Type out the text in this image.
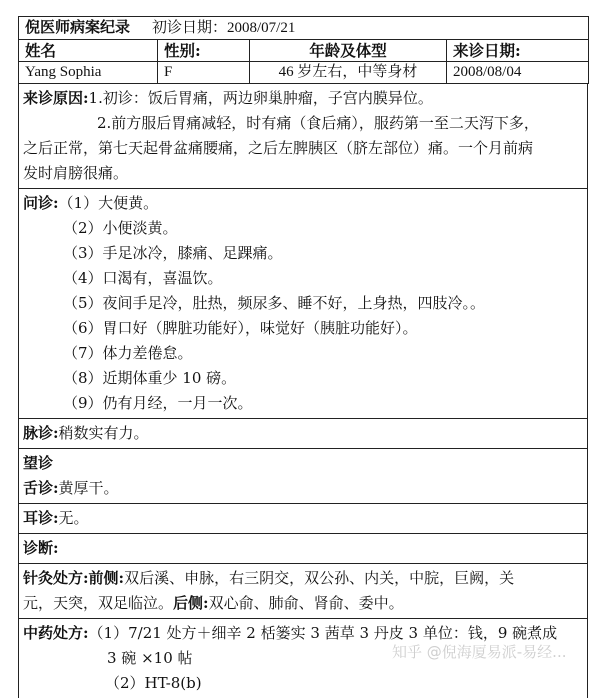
倪医师病案纪录 初诊日期：2008/07/21			
姓名	性别:	年龄及体型	来诊日期:
Yang Sophia	F	46 岁左右，中等身材	2008/08/04
来诊原因:1.初诊：饭后胃痛，两边卵巢肿瘤，子宫内膜异位。
2.前方服后胃痛减轻，时有痛（食后痛），服药第一至二天泻下多，
之后正常，第七天起骨盆痛腰痛，之后左脾胰区（脐左部位）痛。一个月前病
发时肩膀很痛。
问诊:（1）大便黄。
（2）小便淡黄。
（3）手足冰冷，膝痛、足踝痛。
（4）口渴有，喜温饮。
（5）夜间手足冷，肚热，频尿多、睡不好，上身热，四肢冷。。
（6）胃口好（脾脏功能好），味觉好（胰脏功能好）。
（7）体力差倦怠。
（8）近期体重少 10 磅。
（9）仍有月经，一月一次。
脉诊:稍数实有力。
望诊
舌诊:黄厚干。
耳诊:无。
诊断:
针灸处方:前侧:双后溪、申脉，右三阴交，双公孙、内关，中脘，巨阙，关
元，天突，双足临泣。后侧:双心俞、肺俞、肾俞、委中。
中药处方:（1）7/21 处方＋细辛 2 栝篓实 3 茜草 3 丹皮 3 单位：钱，9 碗煮成
3 碗 ×10 帖
（2）HT-8(b)
知乎 @倪海厦易派-易经...
